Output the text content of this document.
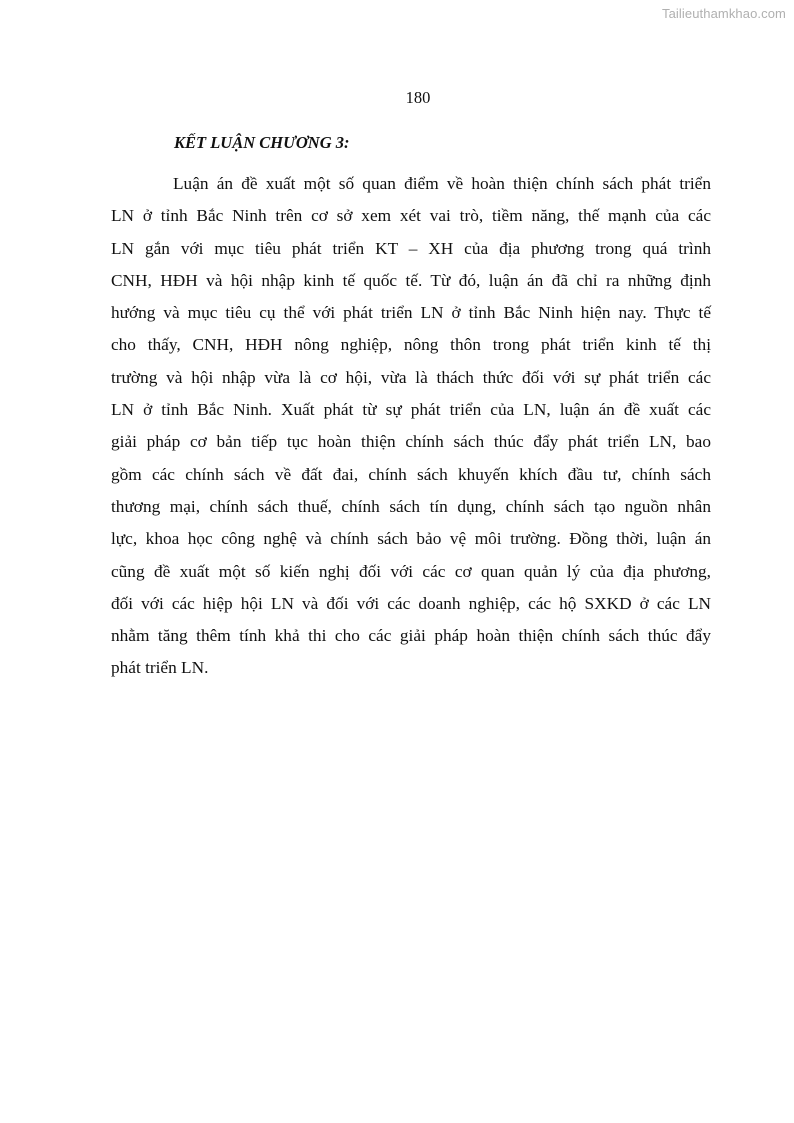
Tailieuthamkhao.com
180
KẾT LUẬN CHƯƠNG 3:
Luận án đề xuất một số quan điểm về hoàn thiện chính sách phát triển
LN ở tỉnh Bắc Ninh trên cơ sở xem xét vai trò, tiềm năng, thế mạnh của các
LN gắn với mục tiêu phát triển KT – XH của địa phương trong quá trình
CNH, HĐH và hội nhập kinh tế quốc tế. Từ đó, luận án đã chỉ ra những định
hướng và mục tiêu cụ thể với phát triển LN ở tỉnh Bắc Ninh hiện nay. Thực tế
cho thấy, CNH, HĐH nông nghiệp, nông thôn trong phát triển kinh tế thị
trường và hội nhập vừa là cơ hội, vừa là thách thức đối với sự phát triển các
LN ở tỉnh Bắc Ninh. Xuất phát từ sự phát triển của LN, luận án đề xuất các
giải pháp cơ bản tiếp tục hoàn thiện chính sách thúc đẩy phát triển LN, bao
gồm các chính sách về đất đai, chính sách khuyến khích đầu tư, chính sách
thương mại, chính sách thuế, chính sách tín dụng, chính sách tạo nguồn nhân
lực, khoa học công nghệ và chính sách bảo vệ môi trường. Đồng thời, luận án
cũng đề xuất một số kiến nghị đối với các cơ quan quản lý của địa phương,
đối với các hiệp hội LN và đối với các doanh nghiệp, các hộ SXKD ở các LN
nhằm tăng thêm tính khả thi cho các giải pháp hoàn thiện chính sách thúc đẩy
phát triển LN.
